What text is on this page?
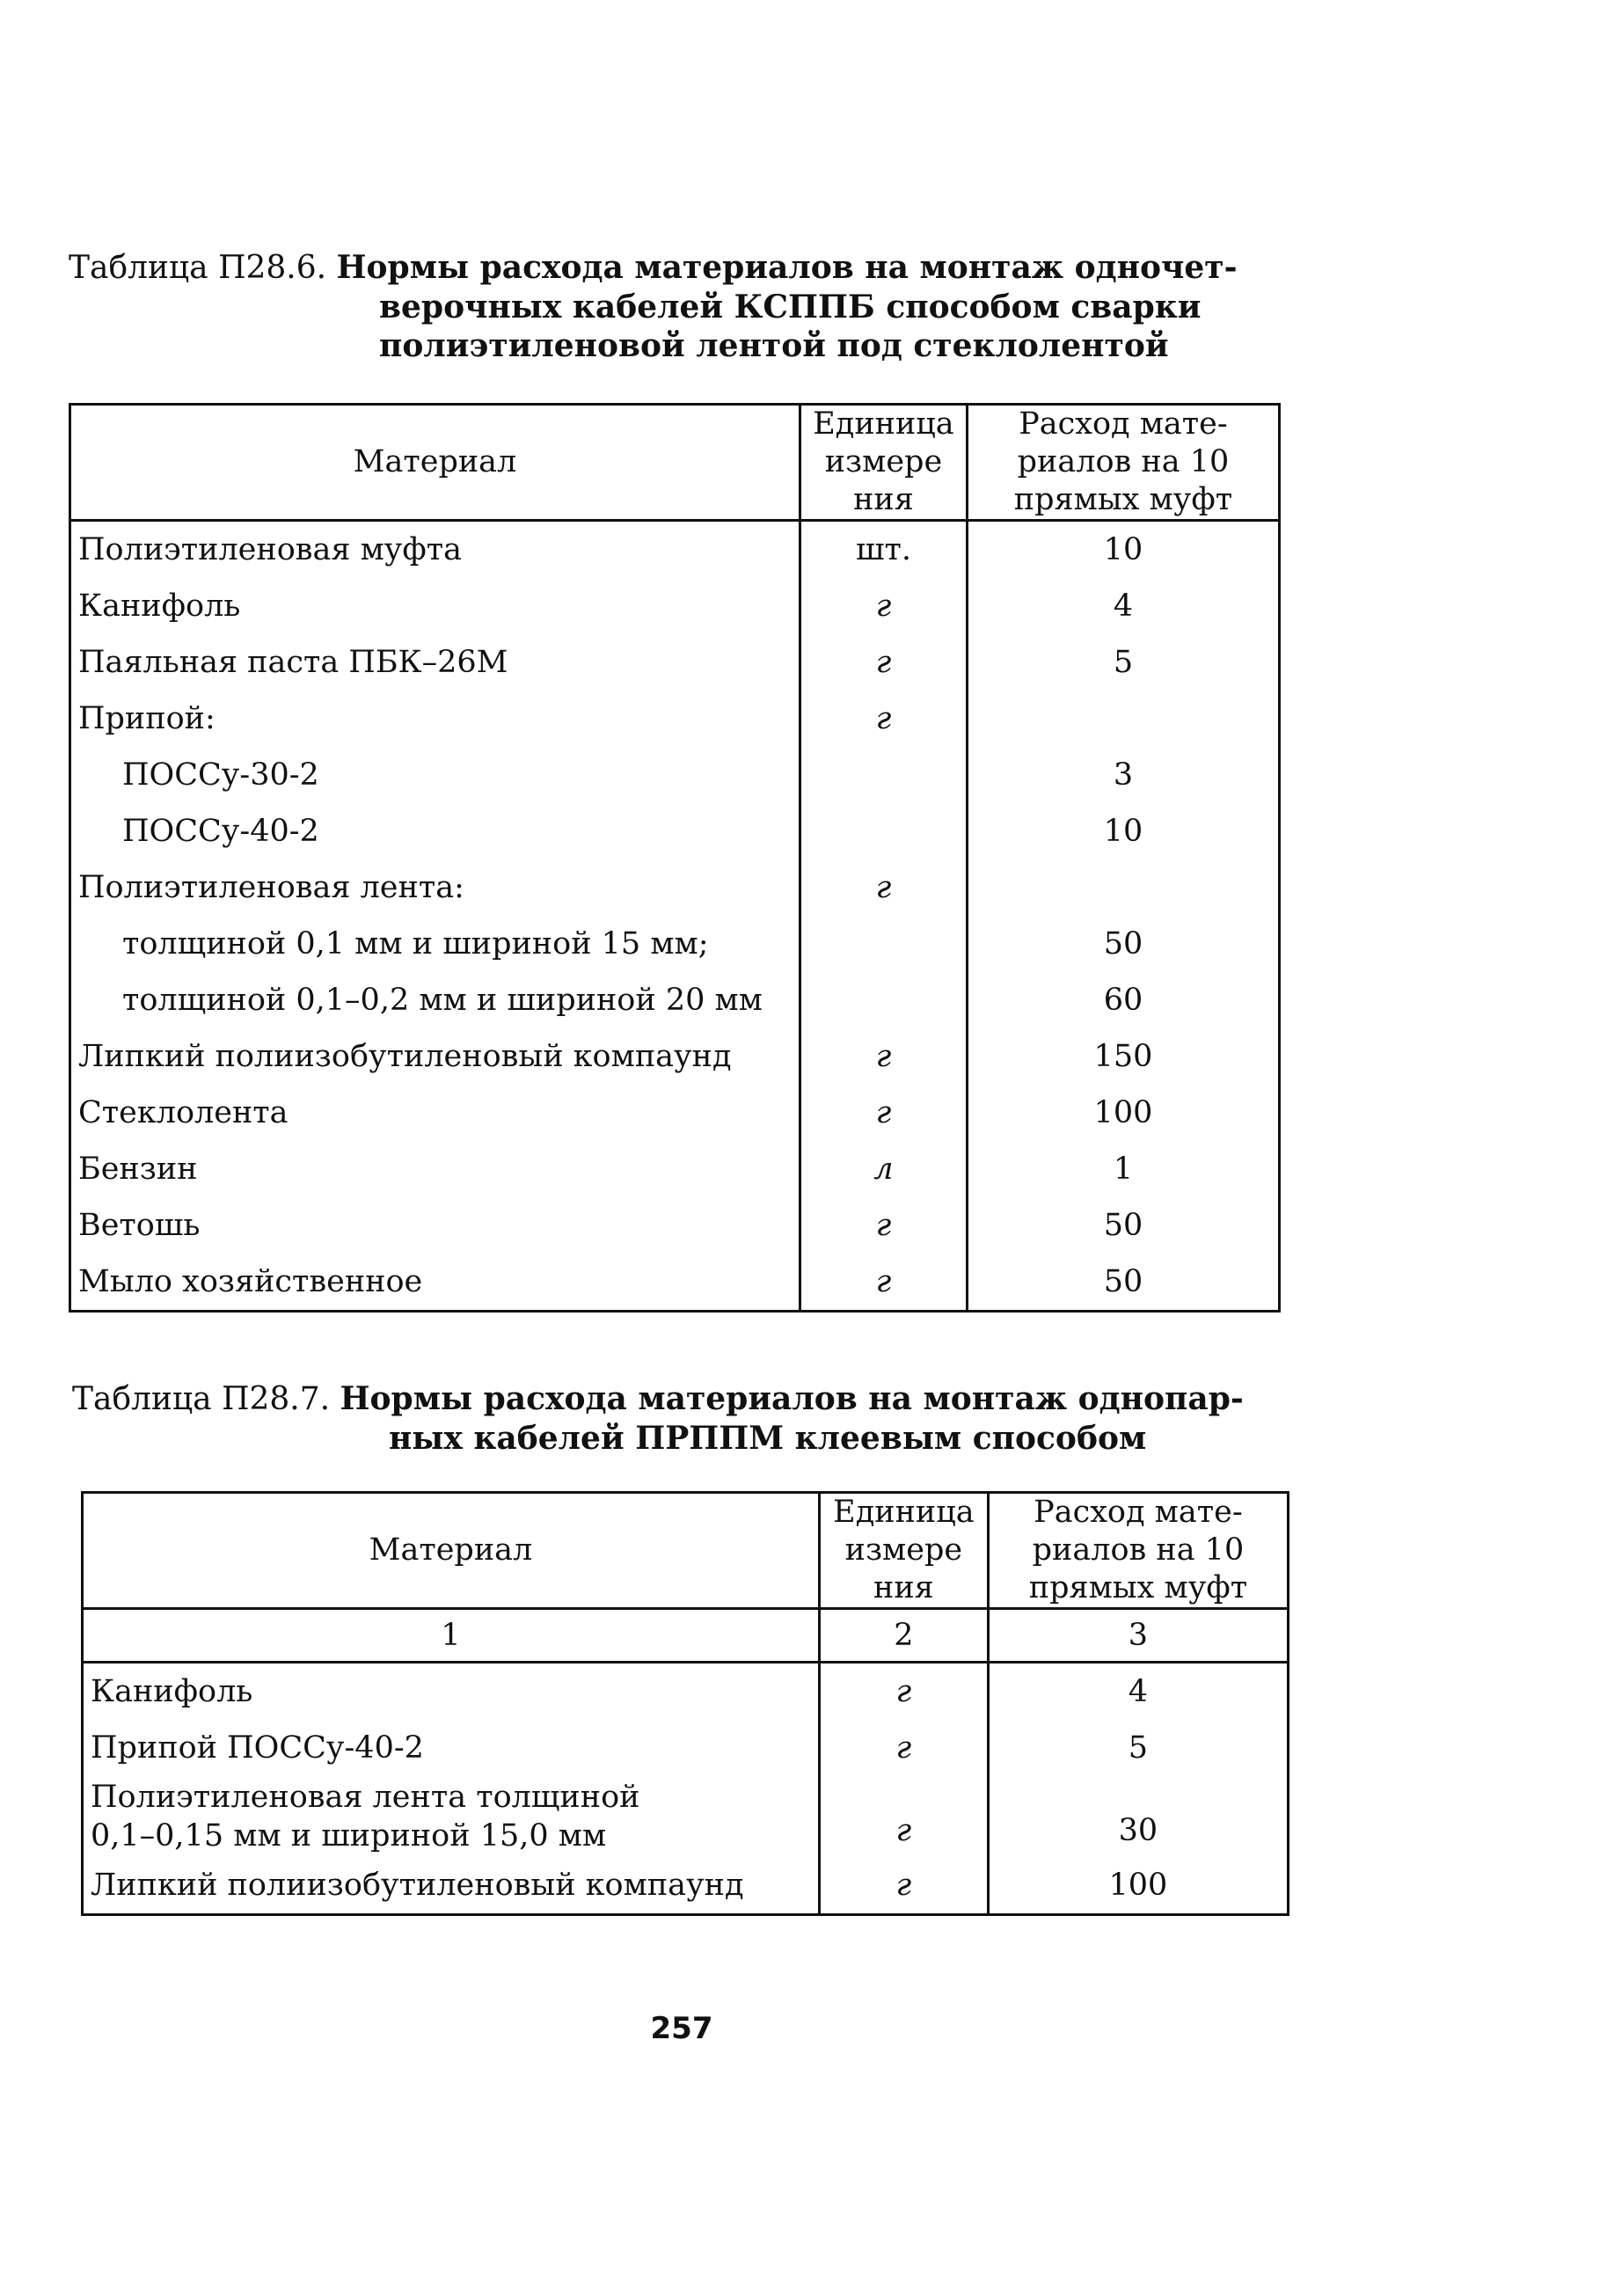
Таблица П28.6. Нормы расхода материалов на монтаж одночет-
верочных кабелей КСППБ способом сварки
полиэтиленовой лентой под стеклолентой
Материал	Единица
измере
ния	Расход мате-
риалов на 10
прямых муфт
Полиэтиленовая муфта	шт.	10
Канифоль	г	4
Паяльная паста ПБК–26М	г	5
Припой:	г	
ПОССу-30-2		3
ПОССу-40-2		10
Полиэтиленовая лента:	г	
толщиной 0,1 мм и шириной 15 мм;		50
толщиной 0,1–0,2 мм и шириной 20 мм		60
Липкий полиизобутиленовый компаунд	г	150
Стеклолента	г	100
Бензин	л	1
Ветошь	г	50
Мыло хозяйственное	г	50
Таблица П28.7. Нормы расхода материалов на монтаж однопар-
ных кабелей ПРППМ клеевым способом
Материал	Единица
измере
ния	Расход мате-
риалов на 10
прямых муфт
1	2	3
Канифоль	г	4
Припой ПОССу-40-2	г	5
Полиэтиленовая лента толщиной
0,1–0,15 мм и шириной 15,0 мм	г	30
Липкий полиизобутиленовый компаунд	г	100
257
